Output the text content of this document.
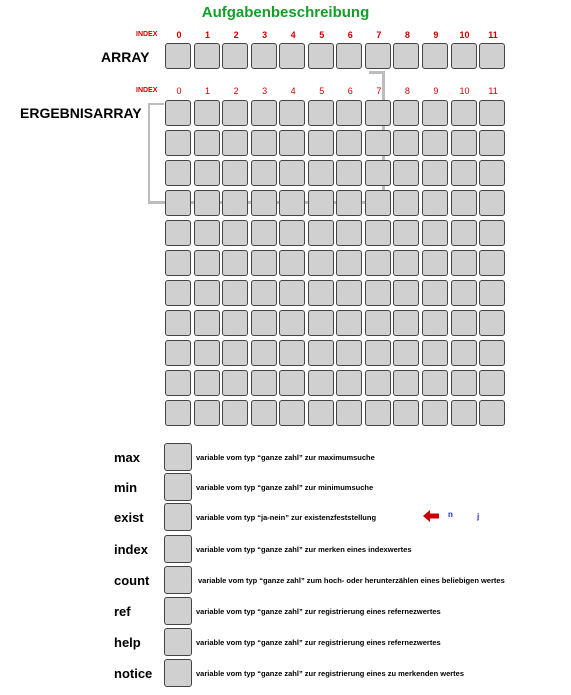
Aufgabenbeschreibung
INDEX	0	1	2	3	4	5	6	7	8	9	10	11
ARRAY
INDEX	0	1	2	3	4	5	6	7	8	9	10	11
ERGEBNISARRAY
max	variable vom typ “ganze zahl” zur maximumsuche
min	variable vom typ “ganze zahl” zur minimumsuche
exist	variable vom typ “ja-nein” zur existenzfeststellung
index	variable vom typ “ganze zahl” zur merken eines indexwertes
count	variable vom typ “ganze zahl” zum hoch- oder herunterzählen eines beliebigen wertes
ref	variable vom typ “ganze zahl” zur registrierung eines refernezwertes
help	variable vom typ “ganze zahl” zur registrierung eines refernezwertes
notice	variable vom typ “ganze zahl” zur registrierung eines zu merkenden wertes
n	j
